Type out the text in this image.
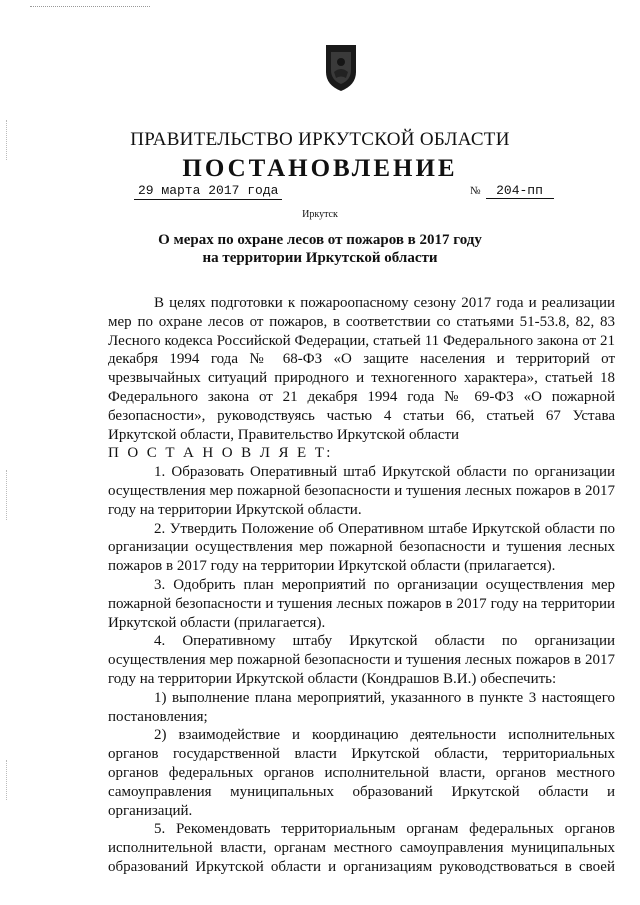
ПРАВИТЕЛЬСТВО ИРКУТСКОЙ ОБЛАСТИ
ПОСТАНОВЛЕНИЕ
29 марта 2017 года	№ 204-пп
Иркутск
О мерах по охране лесов от пожаров в 2017 году
на территории Иркутской области

В целях подготовки к пожароопасному сезону 2017 года и реализации мер по охране лесов от пожаров, в соответствии со статьями 51-53.8, 82, 83 Лесного кодекса Российской Федерации, статьей 11 Федерального закона от 21 декабря 1994 года № 68-ФЗ «О защите населения и территорий от чрезвычайных ситуаций природного и техногенного характера», статьей 18 Федерального закона от 21 декабря 1994 года № 69-ФЗ «О пожарной безопасности», руководствуясь частью 4 статьи 66, статьей 67 Устава Иркутской области, Правительство Иркутской области

П О С Т А Н О В Л Я Е Т:

1. Образовать Оперативный штаб Иркутской области по организации осуществления мер пожарной безопасности и тушения лесных пожаров в 2017 году на территории Иркутской области.

2. Утвердить Положение об Оперативном штабе Иркутской области по организации осуществления мер пожарной безопасности и тушения лесных пожаров в 2017 году на территории Иркутской области (прилагается).

3. Одобрить план мероприятий по организации осуществления мер пожарной безопасности и тушения лесных пожаров в 2017 году на территории Иркутской области (прилагается).

4. Оперативному штабу Иркутской области по организации осуществления мер пожарной безопасности и тушения лесных пожаров в 2017 году на территории Иркутской области (Кондрашов В.И.) обеспечить:

1) выполнение плана мероприятий, указанного в пункте 3 настоящего постановления;

2) взаимодействие и координацию деятельности исполнительных органов государственной власти Иркутской области, территориальных органов федеральных органов исполнительной власти, органов местного самоуправления муниципальных образований Иркутской области и организаций.

5. Рекомендовать территориальным органам федеральных органов исполнительной власти, органам местного самоуправления муниципальных образований Иркутской области и организациям руководствоваться в своей
